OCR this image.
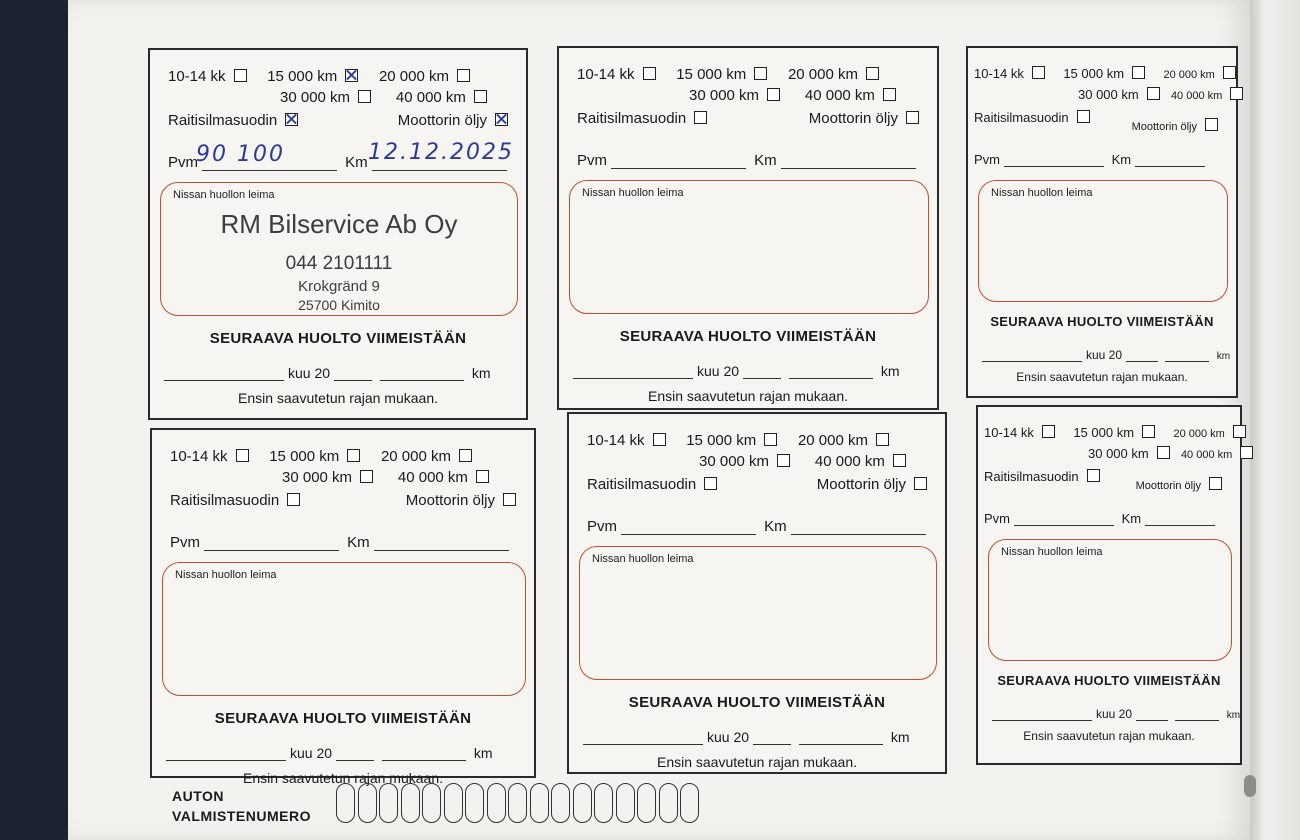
10-14 kk	15 000 km	20 000 km
30 000 km	40 000 km
Raitisilmasuodin	Moottorin öljy
Pvm	Km
90 100	12.12.2025
Nissan huollon leima
RM Bilservice Ab Oy
044 2101111
Krokgränd 9
25700 Kimito
SEURAAVA HUOLTO VIIMEISTÄÄN
kuu 20	km
Ensin saavutetun rajan mukaan.
10-14 kk	15 000 km	20 000 km
30 000 km	40 000 km
Raitisilmasuodin	Moottorin öljy
Pvm	Km
Nissan huollon leima
SEURAAVA HUOLTO VIIMEISTÄÄN
kuu 20	km
Ensin saavutetun rajan mukaan.
10-14 kk	15 000 km	20 000 km
30 000 km	40 000 km
Raitisilmasuodin
Moottorin öljy
Pvm	Km
Nissan huollon leima
SEURAAVA HUOLTO VIIMEISTÄÄN
kuu 20	km
Ensin saavutetun rajan mukaan.
10-14 kk	15 000 km	20 000 km
30 000 km	40 000 km
Raitisilmasuodin	Moottorin öljy
Pvm	Km
Nissan huollon leima
SEURAAVA HUOLTO VIIMEISTÄÄN
kuu 20	km
Ensin saavutetun rajan mukaan.
10-14 kk	15 000 km	20 000 km
30 000 km	40 000 km
Raitisilmasuodin	Moottorin öljy
Pvm	Km
Nissan huollon leima
SEURAAVA HUOLTO VIIMEISTÄÄN
kuu 20	km
Ensin saavutetun rajan mukaan.
10-14 kk	15 000 km	20 000 km
30 000 km	40 000 km
Raitisilmasuodin
Moottorin öljy
Pvm	Km
Nissan huollon leima
SEURAAVA HUOLTO VIIMEISTÄÄN
kuu 20	km
Ensin saavutetun rajan mukaan.
AUTON
VALMISTENUMERO
